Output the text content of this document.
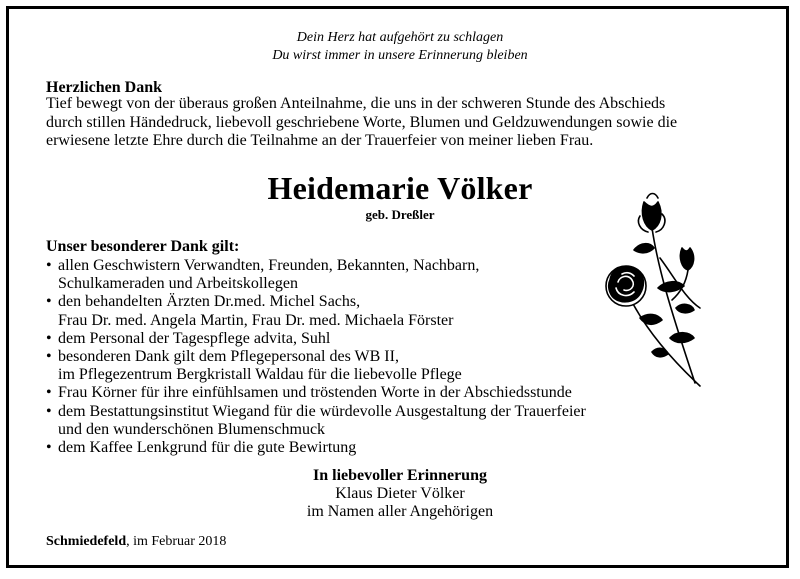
Dein Herz hat aufgehört zu schlagen
Du wirst immer in unsere Erinnerung bleiben
Herzlichen Dank
Tief bewegt von der überaus großen Anteilnahme, die uns in der schweren Stunde des Abschieds
durch stillen Händedruck, liebevoll geschriebene Worte, Blumen und Geldzuwendungen sowie die
erwiesene letzte Ehre durch die Teilnahme an der Trauerfeier von meiner lieben Frau.
Heidemarie Völker
geb. Dreßler
Unser besonderer Dank gilt:
• allen Geschwistern Verwandten, Freunden, Bekannten, Nachbarn,
Schulkameraden und Arbeitskollegen
• den behandelten Ärzten Dr.med. Michel Sachs,
Frau Dr. med. Angela Martin, Frau Dr. med. Michaela Förster
• dem Personal der Tagespflege advita, Suhl
• besonderen Dank gilt dem Pflegepersonal des WB II,
im Pflegezentrum Bergkristall Waldau für die liebevolle Pflege
• Frau Körner für ihre einfühlsamen und tröstenden Worte in der Abschiedsstunde
• dem Bestattungsinstitut Wiegand für die würdevolle Ausgestaltung der Trauerfeier
und den wunderschönen Blumenschmuck
• dem Kaffee Lenkgrund für die gute Bewirtung
In liebevoller Erinnerung
Klaus Dieter Völker
im Namen aller Angehörigen
Schmiedefeld, im Februar 2018
